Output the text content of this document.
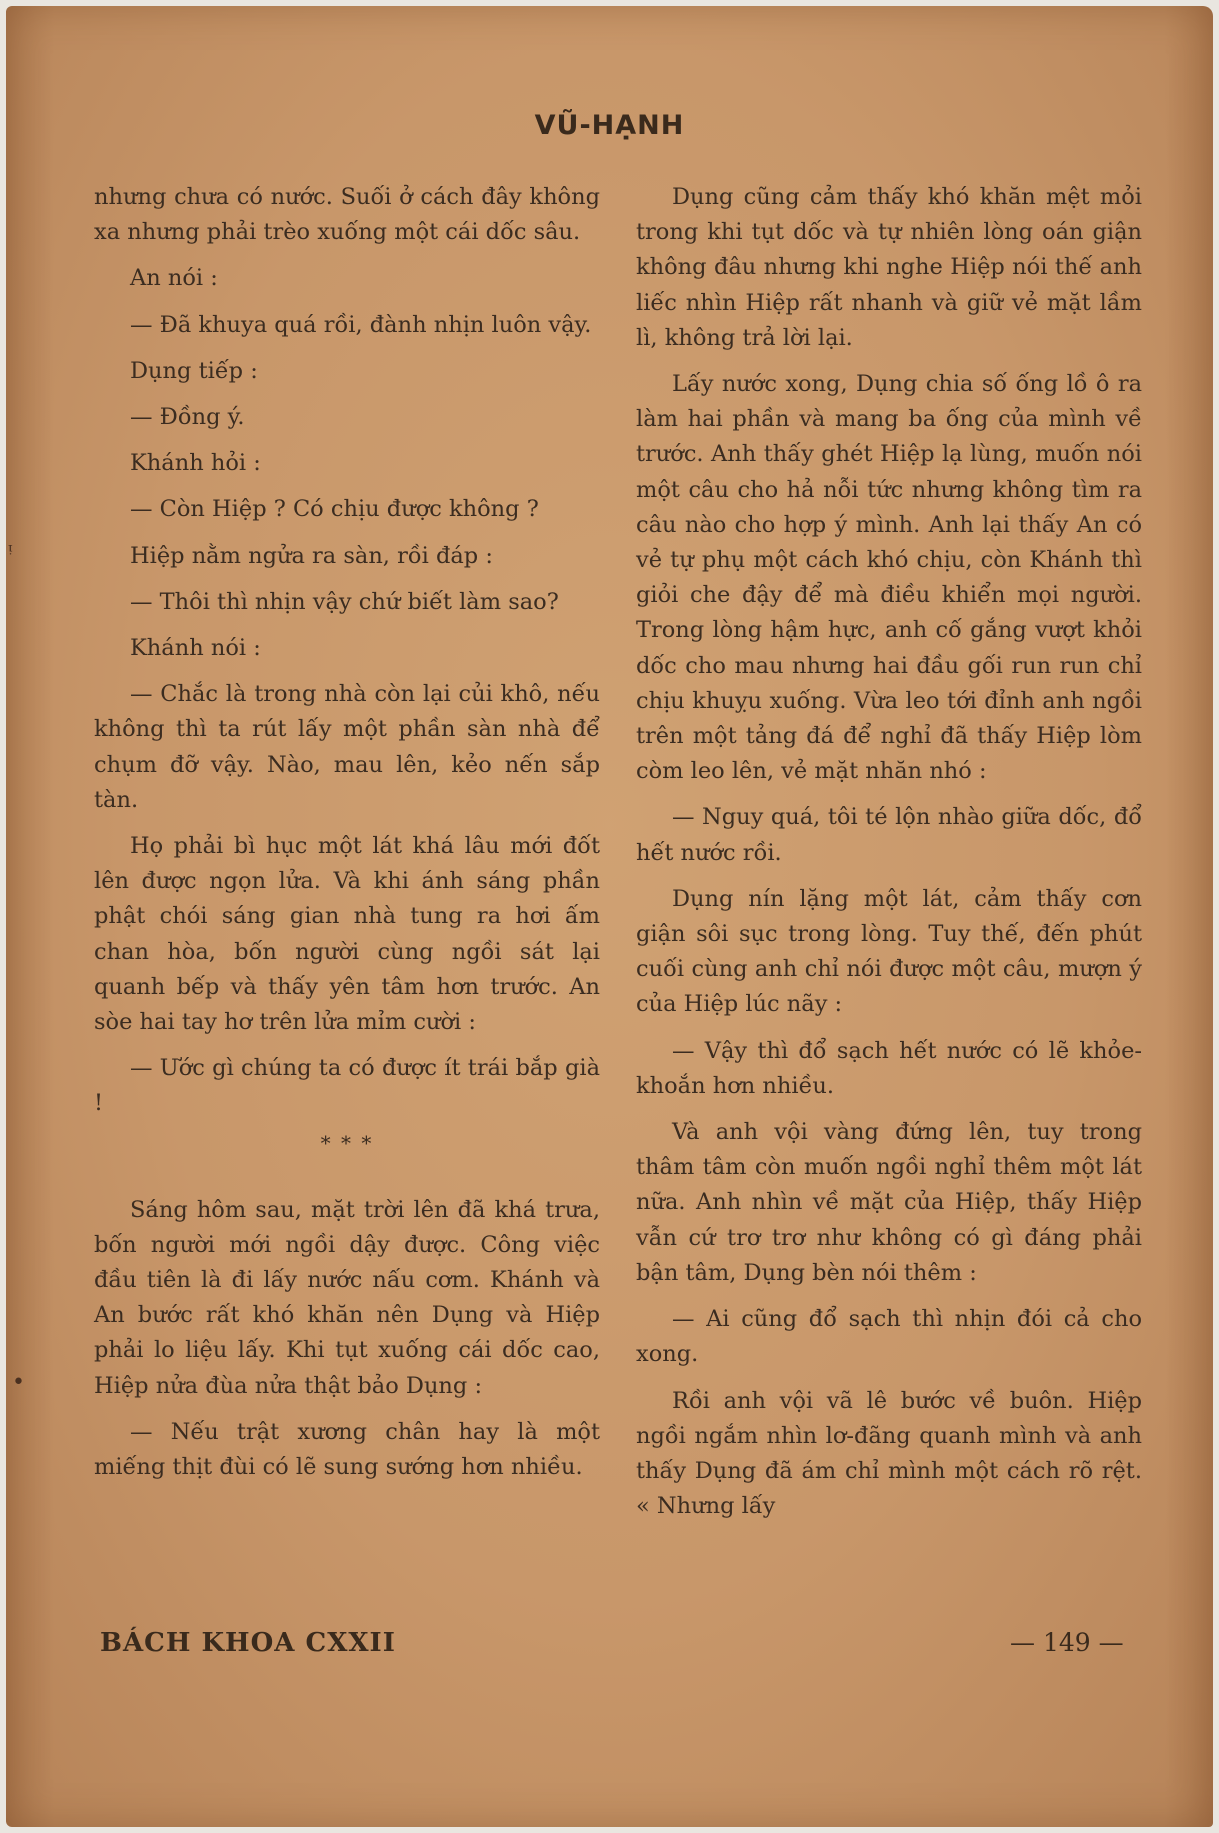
VŨ-HẠNH

nhưng chưa có nước. Suối ở cách đây không xa nhưng phải trèo xuống một cái dốc sâu.

An nói :

— Đã khuya quá rồi, đành nhịn luôn vậy.

Dụng tiếp :

— Đồng ý.

Khánh hỏi :

— Còn Hiệp ? Có chịu được không ?

Hiệp nằm ngửa ra sàn, rồi đáp :

— Thôi thì nhịn vậy chứ biết làm sao?

Khánh nói :

— Chắc là trong nhà còn lại củi khô, nếu không thì ta rút lấy một phần sàn nhà để chụm đỡ vậy. Nào, mau lên, kẻo nến sắp tàn.

Họ phải bì hục một lát khá lâu mới đốt lên được ngọn lửa. Và khi ánh sáng phần phật chói sáng gian nhà tung ra hơi ấm chan hòa, bốn người cùng ngồi sát lại quanh bếp và thấy yên tâm hơn trước. An sòe hai tay hơ trên lửa mỉm cười :

— Ước gì chúng ta có được ít trái bắp già !

* * *

Sáng hôm sau, mặt trời lên đã khá trưa, bốn người mới ngồi dậy được. Công việc đầu tiên là đi lấy nước nấu cơm. Khánh và An bước rất khó khăn nên Dụng và Hiệp phải lo liệu lấy. Khi tụt xuống cái dốc cao, Hiệp nửa đùa nửa thật bảo Dụng :

— Nếu trật xương chân hay là một miếng thịt đùi có lẽ sung sướng hơn nhiều.

Dụng cũng cảm thấy khó khăn mệt mỏi trong khi tụt dốc và tự nhiên lòng oán giận không đâu nhưng khi nghe Hiệp nói thế anh liếc nhìn Hiệp rất nhanh và giữ vẻ mặt lầm lì, không trả lời lại.

Lấy nước xong, Dụng chia số ống lồ ô ra làm hai phần và mang ba ống của mình về trước. Anh thấy ghét Hiệp lạ lùng, muốn nói một câu cho hả nỗi tức nhưng không tìm ra câu nào cho hợp ý mình. Anh lại thấy An có vẻ tự phụ một cách khó chịu, còn Khánh thì giỏi che đậy để mà điều khiển mọi người. Trong lòng hậm hực, anh cố gắng vượt khỏi dốc cho mau nhưng hai đầu gối run run chỉ chịu khuỵu xuống. Vừa leo tới đỉnh anh ngồi trên một tảng đá để nghỉ đã thấy Hiệp lòm còm leo lên, vẻ mặt nhăn nhó :

— Nguy quá, tôi té lộn nhào giữa dốc, đổ hết nước rồi.

Dụng nín lặng một lát, cảm thấy cơn giận sôi sục trong lòng. Tuy thế, đến phút cuối cùng anh chỉ nói được một câu, mượn ý của Hiệp lúc nãy :

— Vậy thì đổ sạch hết nước có lẽ khỏe-khoắn hơn nhiều.

Và anh vội vàng đứng lên, tuy trong thâm tâm còn muốn ngồi nghỉ thêm một lát nữa. Anh nhìn về mặt của Hiệp, thấy Hiệp vẫn cứ trơ trơ như không có gì đáng phải bận tâm, Dụng bèn nói thêm :

— Ai cũng đổ sạch thì nhịn đói cả cho xong.

Rồi anh vội vã lê bước về buôn. Hiệp ngồi ngắm nhìn lơ-đãng quanh mình và anh thấy Dụng đã ám chỉ mình một cách rõ rệt. « Nhưng lấy

BÁCH KHOA CXXII	— 149 —
ᵎ
•
